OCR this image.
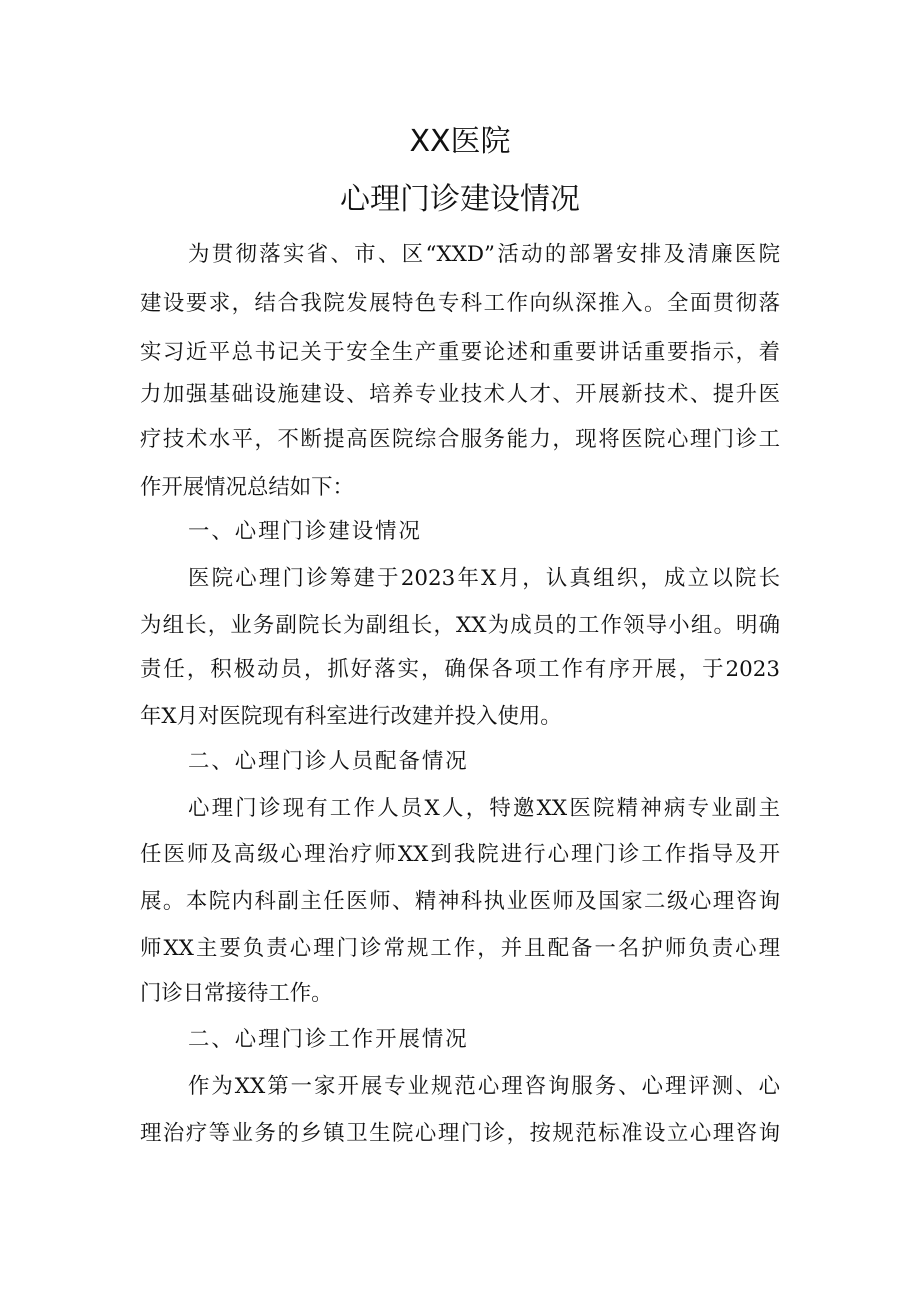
XX医院
心理门诊建设情况
为贯彻落实省、市、区“XXD”活动的部署安排及清廉医院
建设要求，结合我院发展特色专科工作向纵深推入。全面贯彻落
实习近平总书记关于安全生产重要论述和重要讲话重要指示，着
力加强基础设施建设、培养专业技术人才、开展新技术、提升医
疗技术水平，不断提高医院综合服务能力，现将医院心理门诊工
作开展情况总结如下：
一、心理门诊建设情况
医院心理门诊筹建于2023年X月，认真组织，成立以院长
为组长，业务副院长为副组长，XX为成员的工作领导小组。明确
责任，积极动员，抓好落实，确保各项工作有序开展，于2023
年X月对医院现有科室进行改建并投入使用。
二、心理门诊人员配备情况
心理门诊现有工作人员X人，特邀XX医院精神病专业副主
任医师及高级心理治疗师XX到我院进行心理门诊工作指导及开
展。本院内科副主任医师、精神科执业医师及国家二级心理咨询
师XX主要负责心理门诊常规工作，并且配备一名护师负责心理
门诊日常接待工作。
二、心理门诊工作开展情况
作为XX第一家开展专业规范心理咨询服务、心理评测、心
理治疗等业务的乡镇卫生院心理门诊，按规范标准设立心理咨询
